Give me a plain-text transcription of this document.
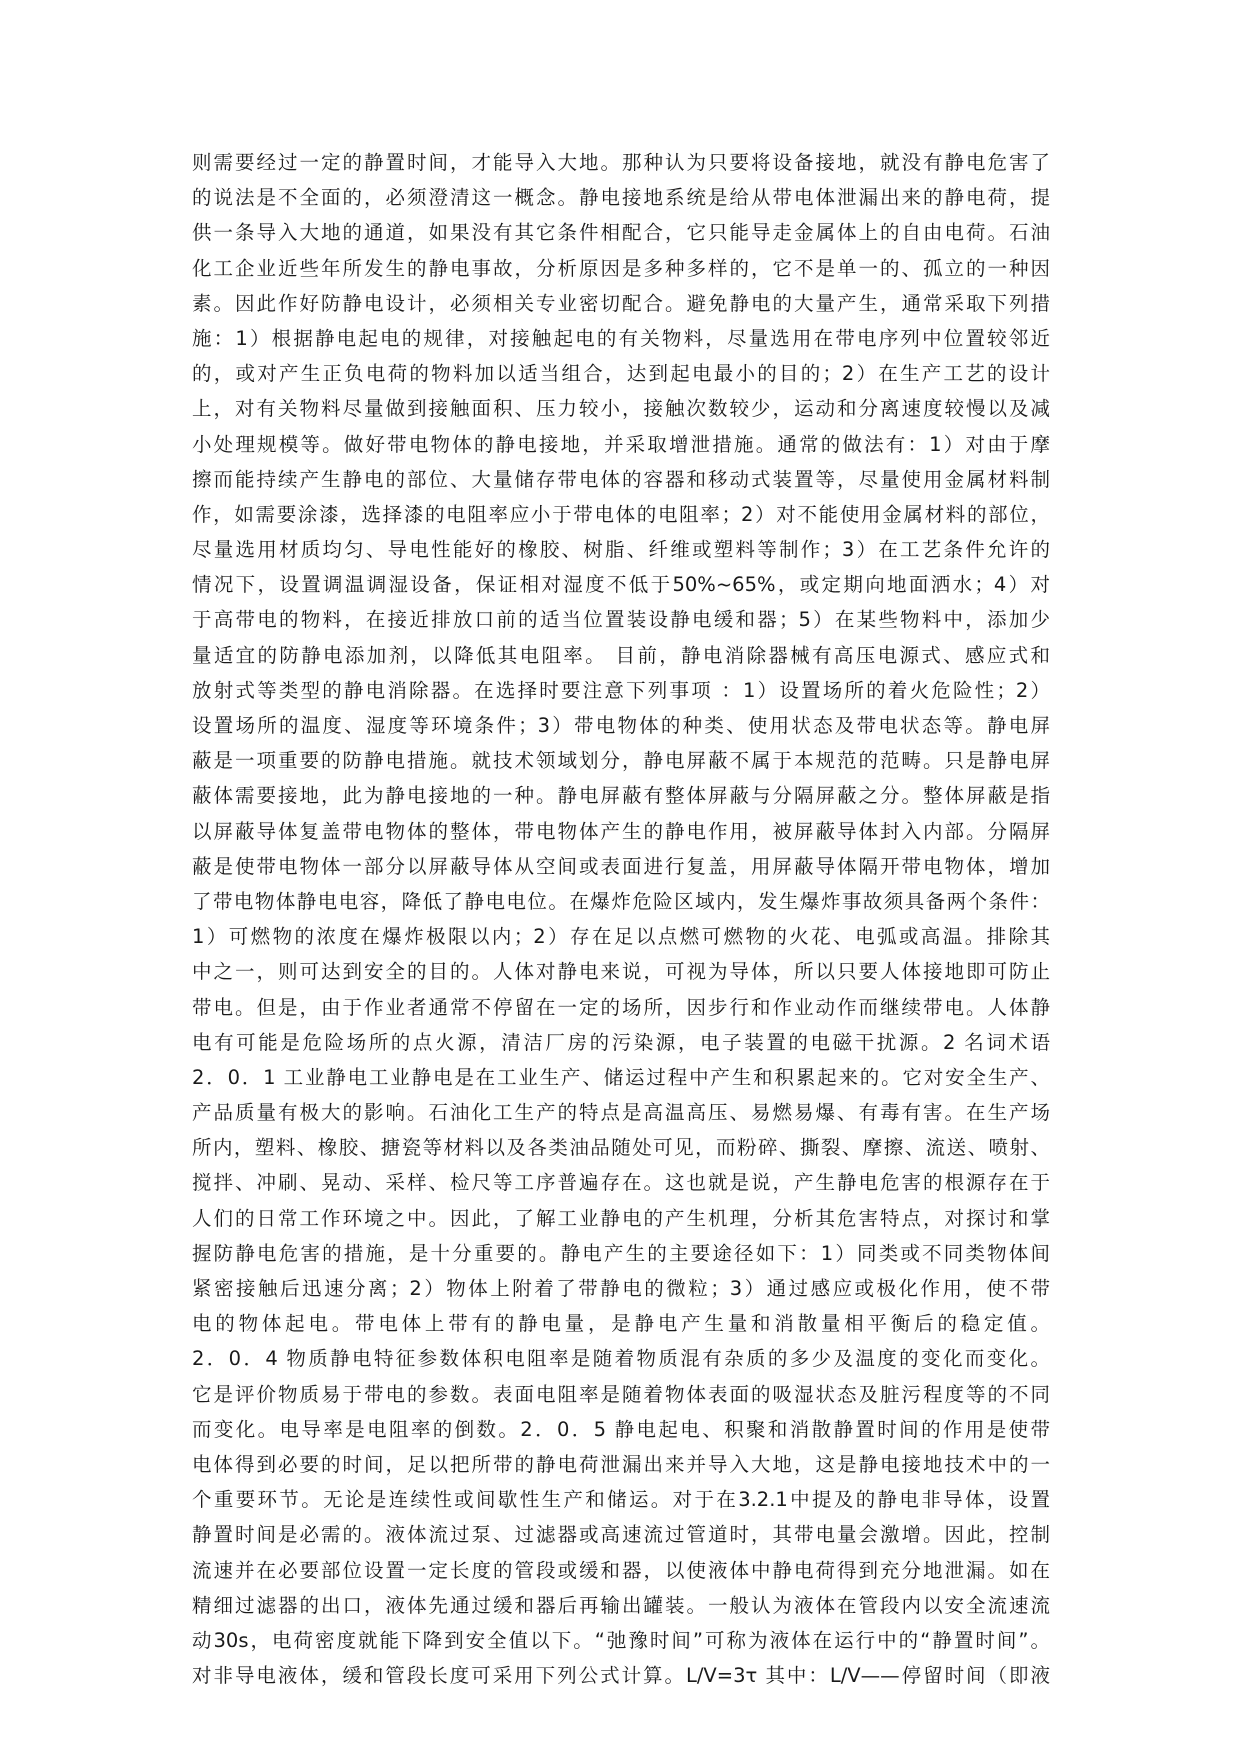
则需要经过一定的静置时间，才能导入大地。那种认为只要将设备接地，就没有静电危害了
的说法是不全面的，必须澄清这一概念。静电接地系统是给从带电体泄漏出来的静电荷，提
供一条导入大地的通道，如果没有其它条件相配合，它只能导走金属体上的自由电荷。石油
化工企业近些年所发生的静电事故，分析原因是多种多样的，它不是单一的、孤立的一种因
素。因此作好防静电设计，必须相关专业密切配合。避免静电的大量产生，通常采取下列措
施：1）根据静电起电的规律，对接触起电的有关物料，尽量选用在带电序列中位置较邻近
的，或对产生正负电荷的物料加以适当组合，达到起电最小的目的；2）在生产工艺的设计
上，对有关物料尽量做到接触面积、压力较小，接触次数较少，运动和分离速度较慢以及减
小处理规模等。做好带电物体的静电接地，并采取增泄措施。通常的做法有：1）对由于摩
擦而能持续产生静电的部位、大量储存带电体的容器和移动式装置等，尽量使用金属材料制
作，如需要涂漆，选择漆的电阻率应小于带电体的电阻率；2）对不能使用金属材料的部位，
尽量选用材质均匀、导电性能好的橡胶、树脂、纤维或塑料等制作；3）在工艺条件允许的
情况下，设置调温调湿设备，保证相对湿度不低于50%~65%，或定期向地面洒水；4）对
于高带电的物料，在接近排放口前的适当位置装设静电缓和器；5）在某些物料中，添加少
量适宜的防静电添加剂，以降低其电阻率。 目前，静电消除器械有高压电源式、感应式和
放射式等类型的静电消除器。在选择时要注意下列事项 ：1）设置场所的着火危险性；2）
设置场所的温度、湿度等环境条件；3）带电物体的种类、使用状态及带电状态等。静电屏
蔽是一项重要的防静电措施。就技术领域划分，静电屏蔽不属于本规范的范畴。只是静电屏
蔽体需要接地，此为静电接地的一种。静电屏蔽有整体屏蔽与分隔屏蔽之分。整体屏蔽是指
以屏蔽导体复盖带电物体的整体，带电物体产生的静电作用，被屏蔽导体封入内部。分隔屏
蔽是使带电物体一部分以屏蔽导体从空间或表面进行复盖，用屏蔽导体隔开带电物体，增加
了带电物体静电电容，降低了静电电位。在爆炸危险区域内，发生爆炸事故须具备两个条件：
1）可燃物的浓度在爆炸极限以内；2）存在足以点燃可燃物的火花、电弧或高温。排除其
中之一，则可达到安全的目的。人体对静电来说，可视为导体，所以只要人体接地即可防止
带电。但是，由于作业者通常不停留在一定的场所，因步行和作业动作而继续带电。人体静
电有可能是危险场所的点火源，清洁厂房的污染源，电子装置的电磁干扰源。2 名词术语
2．0．1 工业静电工业静电是在工业生产、储运过程中产生和积累起来的。它对安全生产、
产品质量有极大的影响。石油化工生产的特点是高温高压、易燃易爆、有毒有害。在生产场
所内，塑料、橡胶、搪瓷等材料以及各类油品随处可见，而粉碎、撕裂、摩擦、流送、喷射、
搅拌、冲刷、晃动、采样、检尺等工序普遍存在。这也就是说，产生静电危害的根源存在于
人们的日常工作环境之中。因此，了解工业静电的产生机理，分析其危害特点，对探讨和掌
握防静电危害的措施，是十分重要的。静电产生的主要途径如下：1）同类或不同类物体间
紧密接触后迅速分离；2）物体上附着了带静电的微粒；3）通过感应或极化作用，使不带
电的物体起电。带电体上带有的静电量，是静电产生量和消散量相平衡后的稳定值。
2．0．4 物质静电特征参数体积电阻率是随着物质混有杂质的多少及温度的变化而变化。
它是评价物质易于带电的参数。表面电阻率是随着物体表面的吸湿状态及脏污程度等的不同
而变化。电导率是电阻率的倒数。2．0．5 静电起电、积聚和消散静置时间的作用是使带
电体得到必要的时间，足以把所带的静电荷泄漏出来并导入大地，这是静电接地技术中的一
个重要环节。无论是连续性或间歇性生产和储运。对于在3.2.1中提及的静电非导体，设置
静置时间是必需的。液体流过泵、过滤器或高速流过管道时，其带电量会激增。因此，控制
流速并在必要部位设置一定长度的管段或缓和器，以使液体中静电荷得到充分地泄漏。如在
精细过滤器的出口，液体先通过缓和器后再输出罐装。一般认为液体在管段内以安全流速流
动30s，电荷密度就能下降到安全值以下。“弛豫时间”可称为液体在运行中的“静置时间”。
对非导电液体，缓和管段长度可采用下列公式计算。L/V=3τ 其中：L/V——停留时间（即液
